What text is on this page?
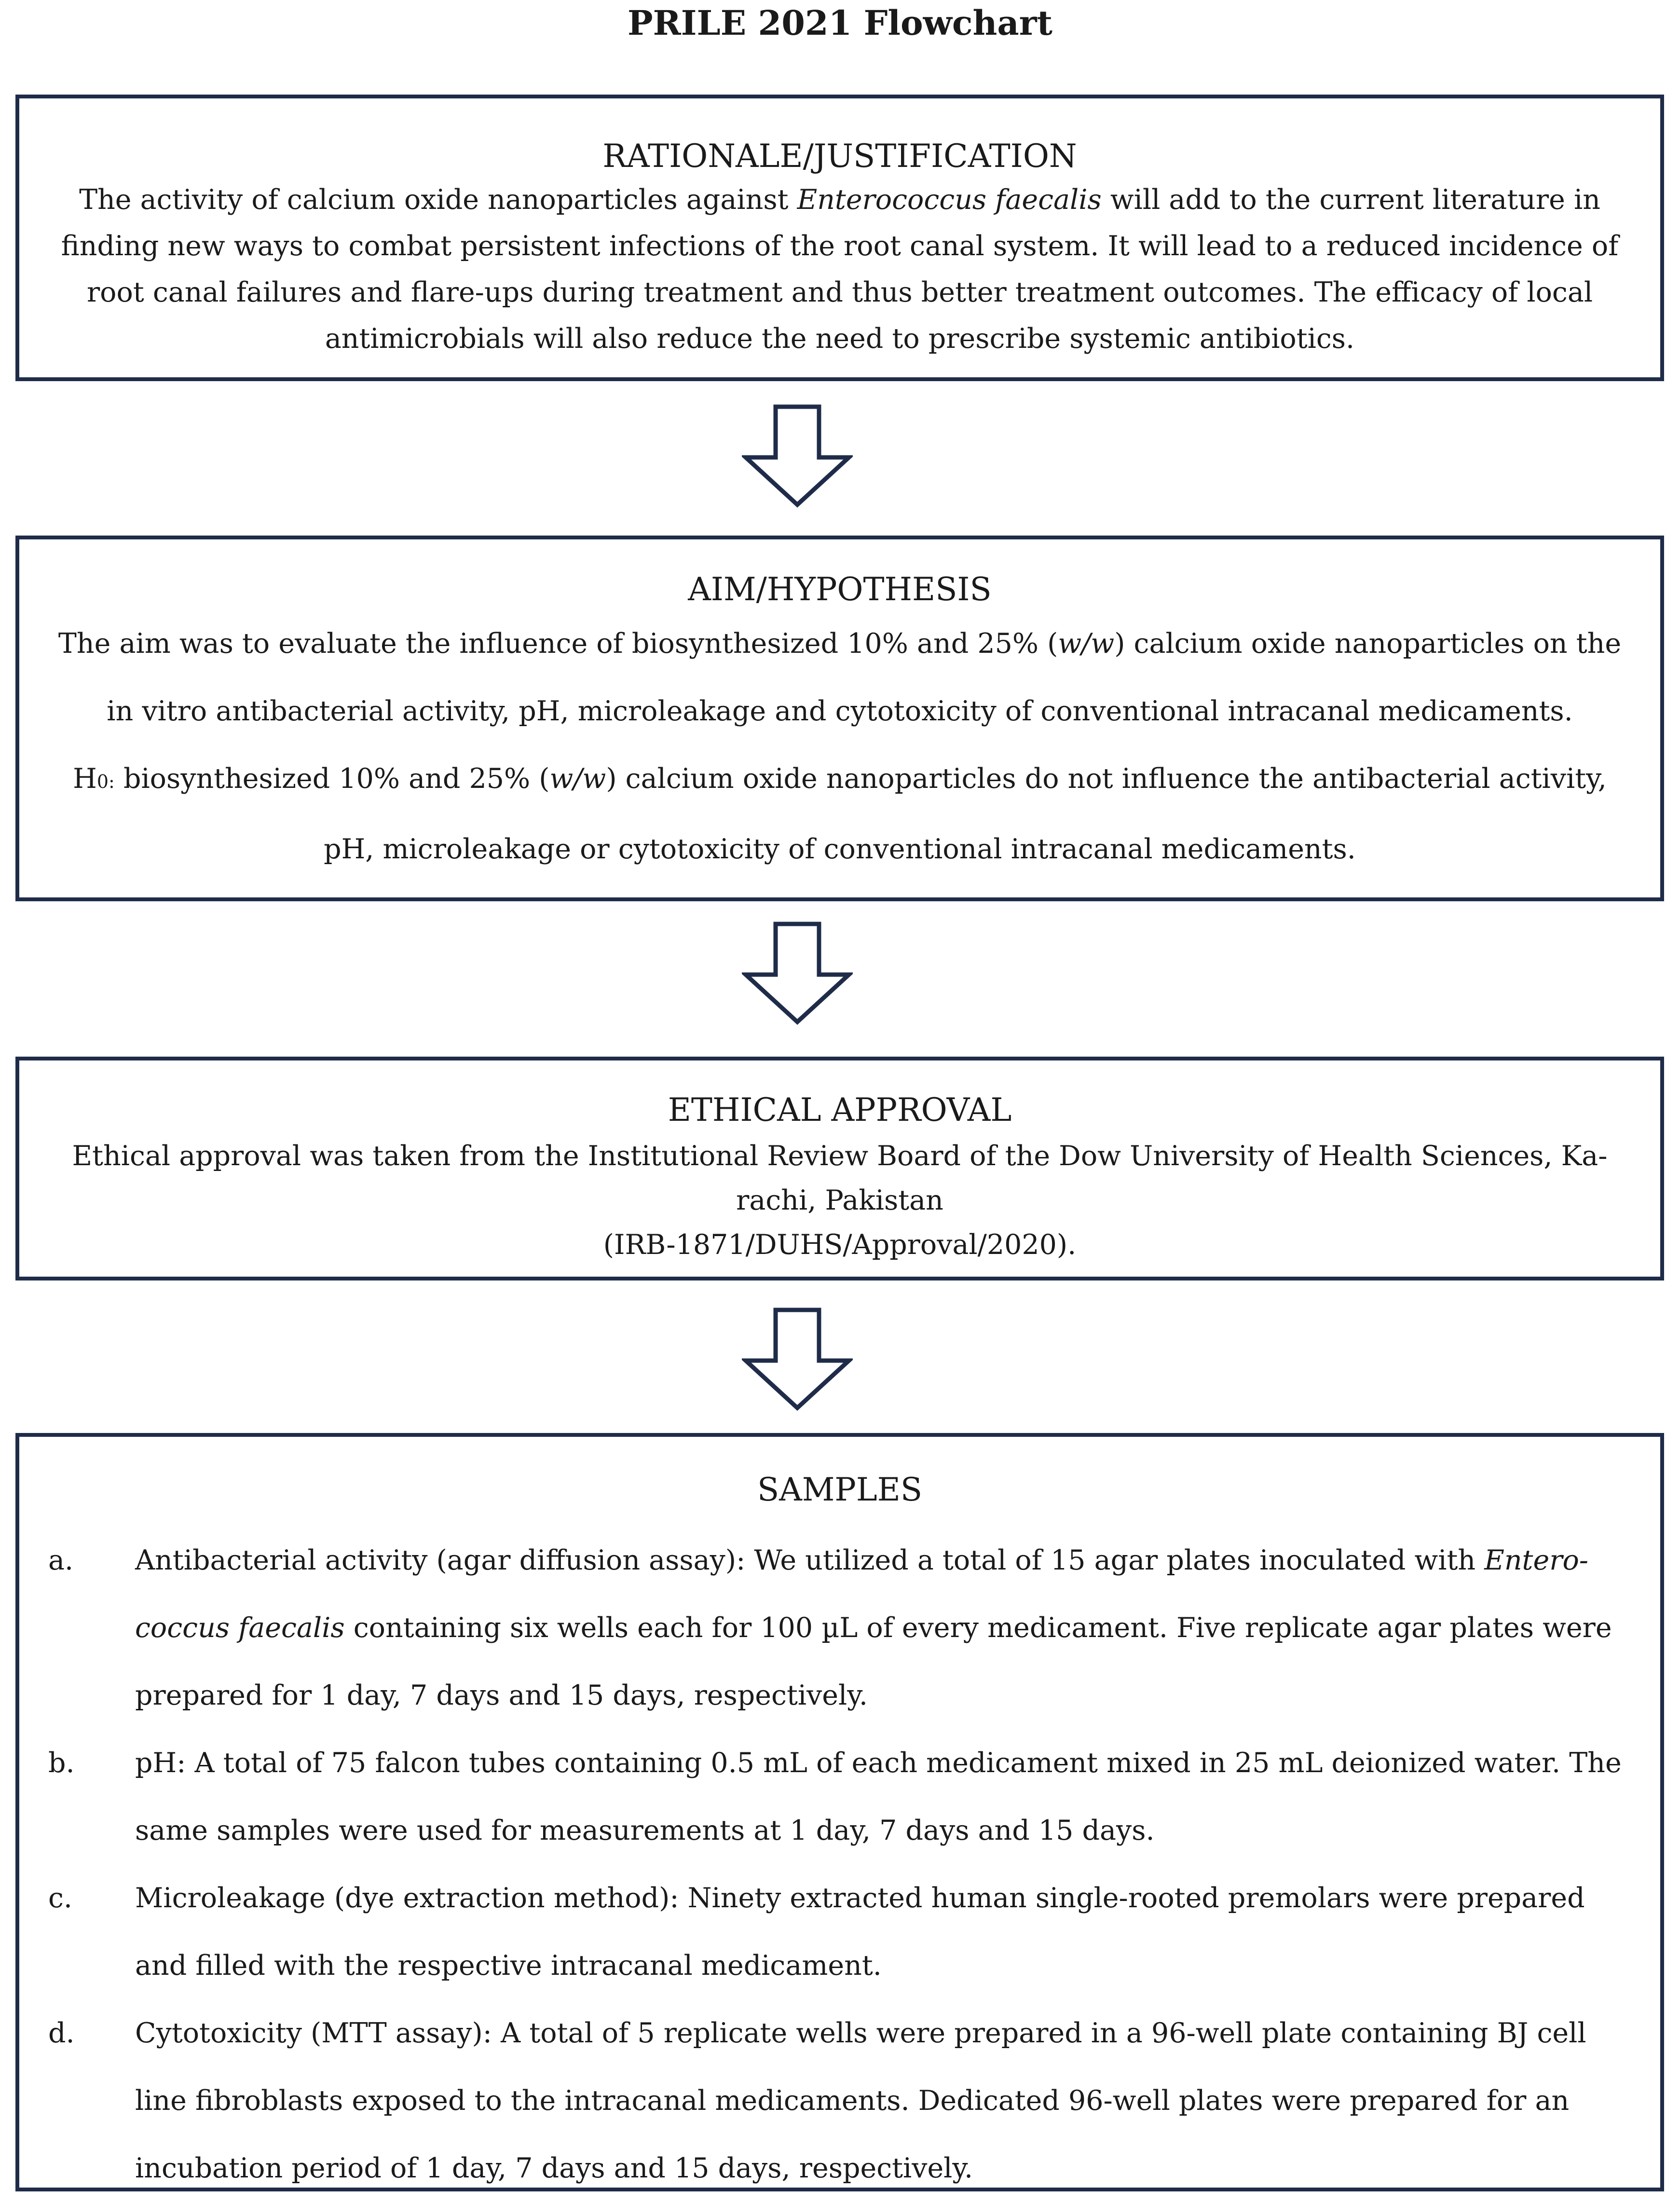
PRILE 2021 Flowchart
RATIONALE/JUSTIFICATION
The activity of calcium oxide nanoparticles against Enterococcus faecalis will add to the current literature in finding new ways to combat persistent infections of the root canal system. It will lead to a reduced incidence of root canal failures and flare-ups during treatment and thus better treatment outcomes. The efficacy of local antimicrobials will also reduce the need to prescribe systemic antibiotics.
AIM/HYPOTHESIS
The aim was to evaluate the influence of biosynthesized 10% and 25% (w/w) calcium oxide nanoparticles on the in vitro antibacterial activity, pH, microleakage and cytotoxicity of conventional intracanal medicaments.
H0: biosynthesized 10% and 25% (w/w) calcium oxide nanoparticles do not influence the antibacterial activity, pH, microleakage or cytotoxicity of conventional intracanal medicaments.
ETHICAL APPROVAL
Ethical approval was taken from the Institutional Review Board of the Dow University of Health Sciences, Ka-
rachi, Pakistan
(IRB-1871/DUHS/Approval/2020).
SAMPLES
a. Antibacterial activity (agar diffusion assay): We utilized a total of 15 agar plates inoculated with Entero-coccus faecalis containing six wells each for 100 µL of every medicament. Five replicate agar plates were prepared for 1 day, 7 days and 15 days, respectively.
b. pH: A total of 75 falcon tubes containing 0.5 mL of each medicament mixed in 25 mL deionized water. The same samples were used for measurements at 1 day, 7 days and 15 days.
c. Microleakage (dye extraction method): Ninety extracted human single-rooted premolars were prepared and filled with the respective intracanal medicament.
d. Cytotoxicity (MTT assay): A total of 5 replicate wells were prepared in a 96-well plate containing BJ cell line fibroblasts exposed to the intracanal medicaments. Dedicated 96-well plates were prepared for an incubation period of 1 day, 7 days and 15 days, respectively.
